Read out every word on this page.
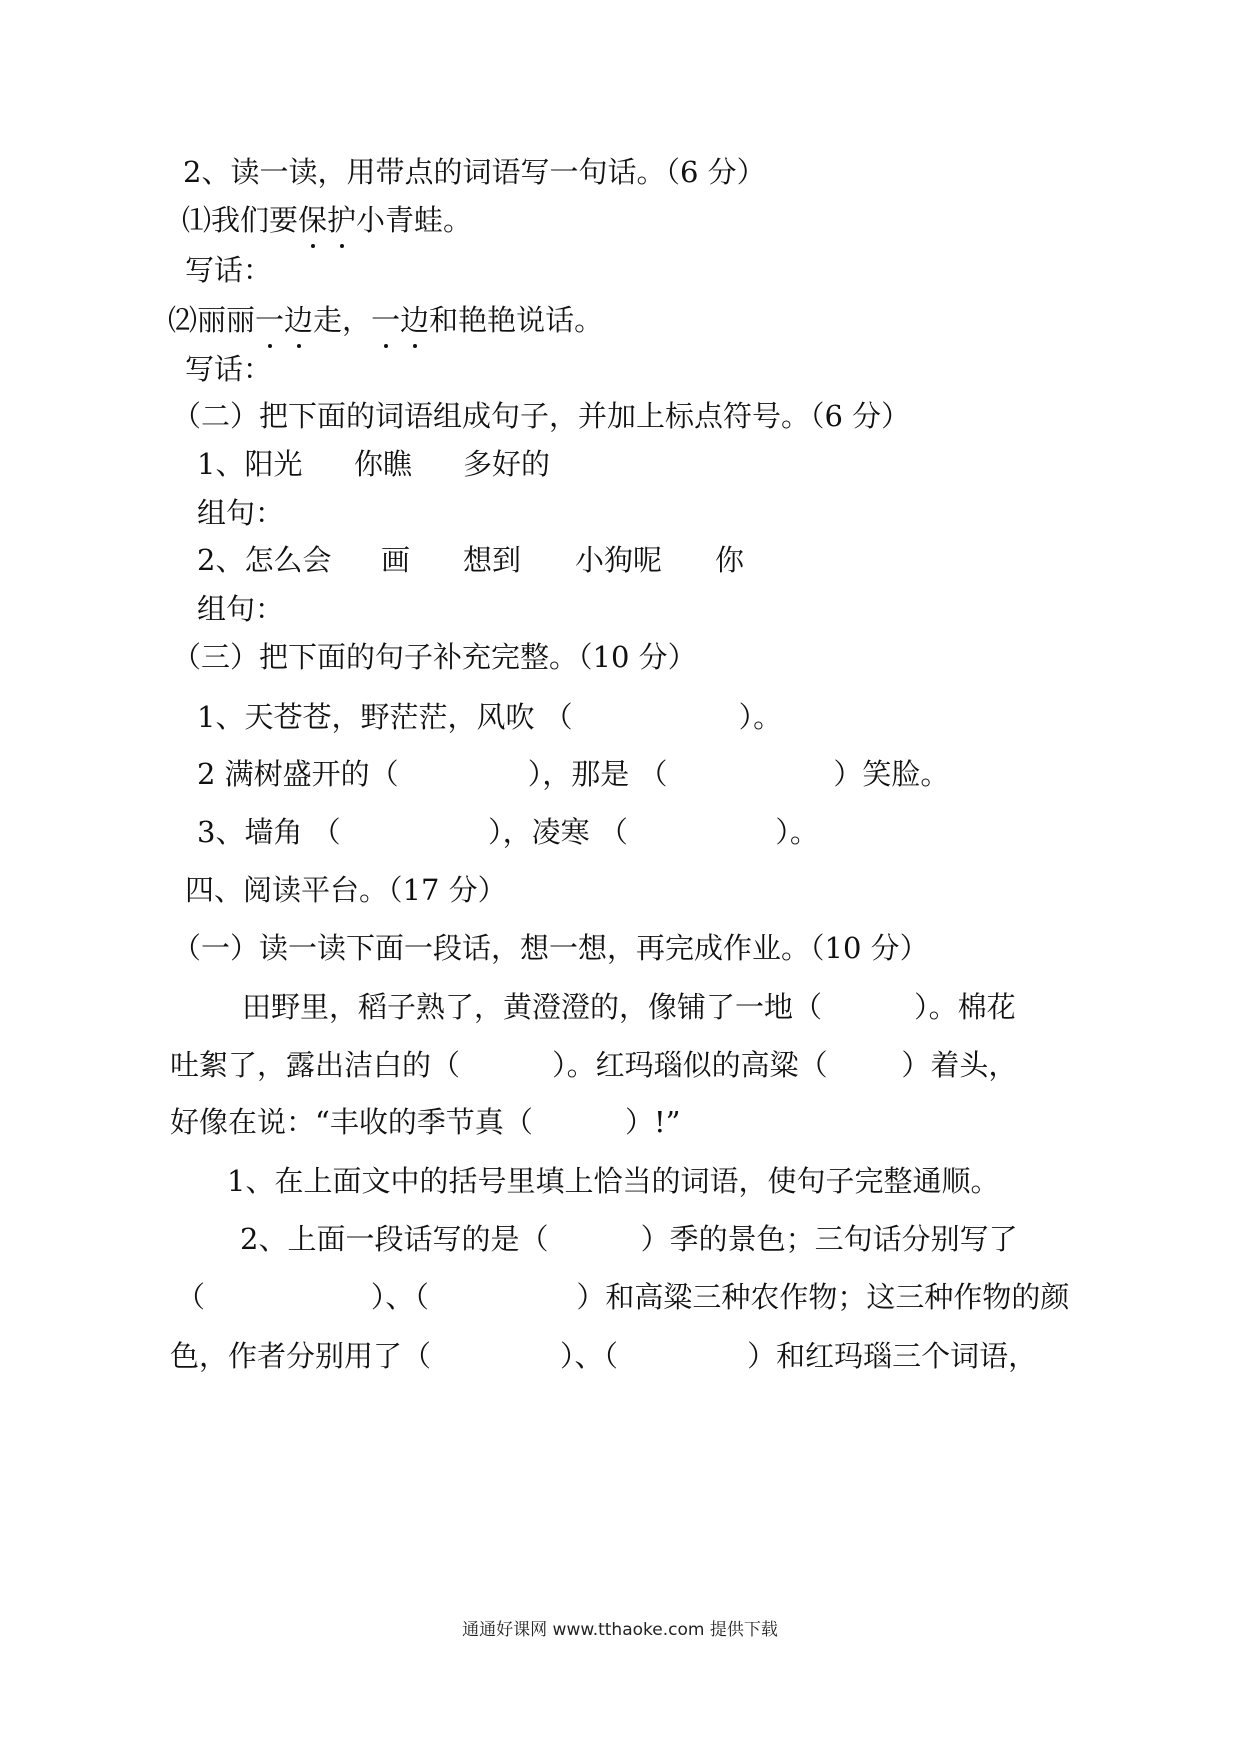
2、读一读，用带点的词语写一句话。（6 分）
⑴我们要保护小青蛙。
写话：
⑵丽丽一边走，一边和艳艳说话。
写话：
（二）把下面的词语组成句子，并加上标点符号。（6 分）
1、阳光 你瞧 多好的
组句：
2、怎么会 画 想到 小狗呢 你
组句：
（三）把下面的句子补充完整。（10 分）
1、天苍苍，野茫茫，风吹 （                  ）。
2 满树盛开的（              ），那是 （                  ）笑脸。
3、墙角 （                ），凌寒 （                ）。
四、阅读平台。（17 分）
（一）读一读下面一段话，想一想，再完成作业。（10 分）
田野里，稻子熟了，黄澄澄的，像铺了一地（          ）。棉花
吐絮了，露出洁白的（          ）。红玛瑙似的高粱（        ）着头，
好像在说：“丰收的季节真（          ）!”
1、在上面文中的括号里填上恰当的词语，使句子完整通顺。
2、上面一段话写的是（          ）季的景色；三句话分别写了
（                  ）、（                ）和高粱三种农作物；这三种作物的颜
色，作者分别用了（              ）、（              ）和红玛瑙三个词语，
通通好课网 www.tthaoke.com 提供下载
